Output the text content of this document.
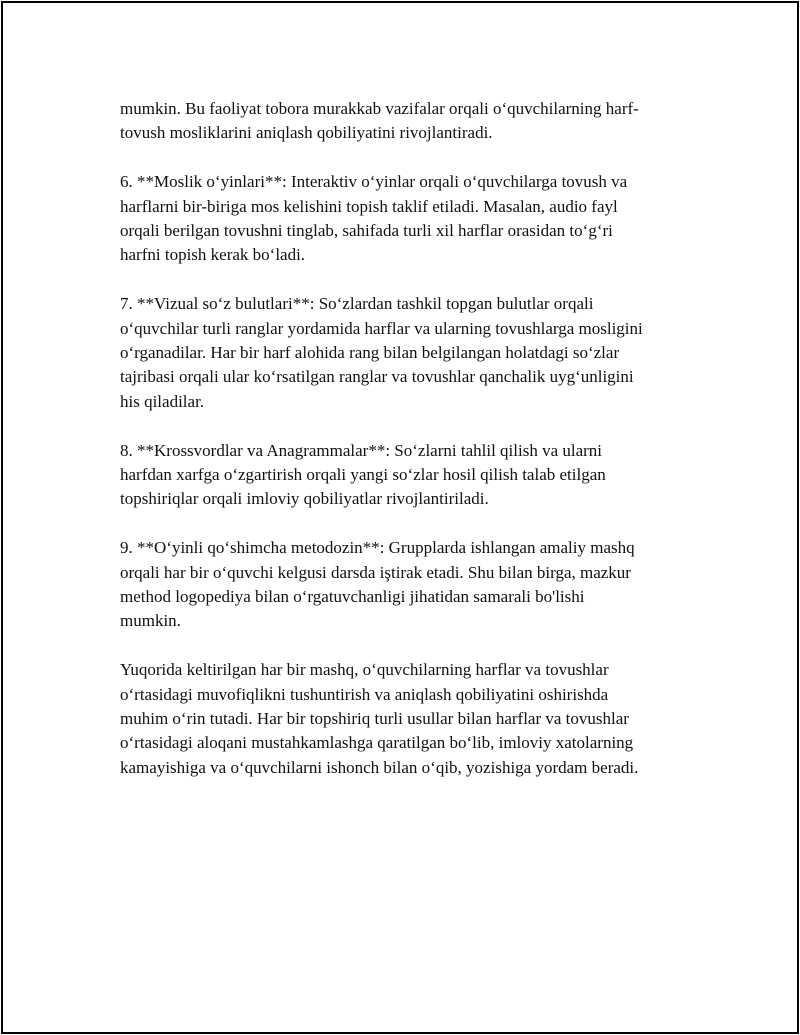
mumkin. Bu faoliyat tobora murakkab vazifalar orqali o‘quvchilarning harf-
tovush mosliklarini aniqlash qobiliyatini rivojlantiradi.

6. **Moslik o‘yinlari**: Interaktiv o‘yinlar orqali o‘quvchilarga tovush va
harflarni bir-biriga mos kelishini topish taklif etiladi. Masalan, audio fayl
orqali berilgan tovushni tinglab, sahifada turli xil harflar orasidan to‘g‘ri
harfni topish kerak bo‘ladi.

7. **Vizual so‘z bulutlari**: So‘zlardan tashkil topgan bulutlar orqali
o‘quvchilar turli ranglar yordamida harflar va ularning tovushlarga mosligini
o‘rganadilar. Har bir harf alohida rang bilan belgilangan holatdagi so‘zlar
tajribasi orqali ular ko‘rsatilgan ranglar va tovushlar qanchalik uyg‘unligini
his qiladilar.

8. **Krossvordlar va Anagrammalar**: So‘zlarni tahlil qilish va ularni
harfdan xarfga o‘zgartirish orqali yangi so‘zlar hosil qilish talab etilgan
topshiriqlar orqali imloviy qobiliyatlar rivojlantiriladi.

9. **O‘yinli qo‘shimcha metodozin**: Grupplarda ishlangan amaliy mashq
orqali har bir o‘quvchi kelgusi darsda iştirak etadi. Shu bilan birga, mazkur
method logopediya bilan o‘rgatuvchanligi jihatidan samarali bo'lishi
mumkin.

Yuqorida keltirilgan har bir mashq, o‘quvchilarning harflar va tovushlar
o‘rtasidagi muvofiqlikni tushuntirish va aniqlash qobiliyatini oshirishda
muhim o‘rin tutadi. Har bir topshiriq turli usullar bilan harflar va tovushlar
o‘rtasidagi aloqani mustahkamlashga qaratilgan bo‘lib, imloviy xatolarning
kamayishiga va o‘quvchilarni ishonch bilan o‘qib, yozishiga yordam beradi.
